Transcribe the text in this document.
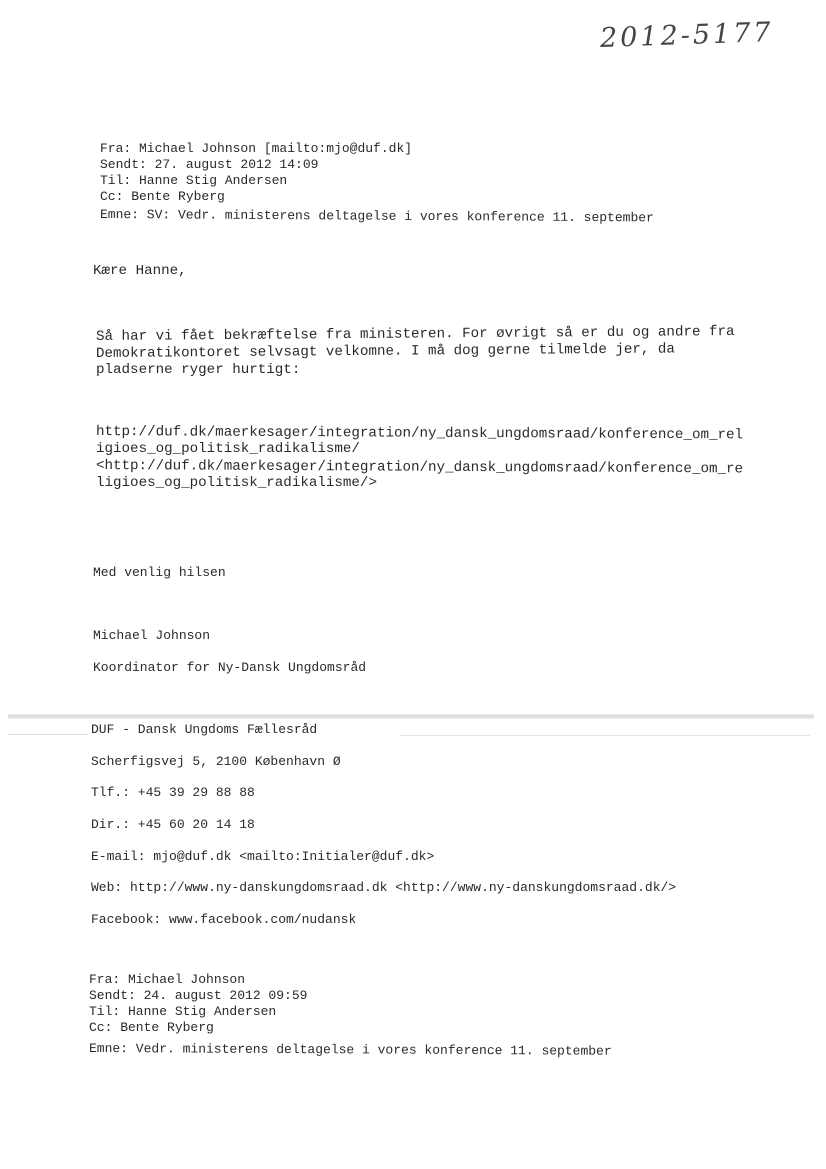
2012-5177
Fra: Michael Johnson [mailto:mjo@duf.dk]
Sendt: 27. august 2012 14:09
Til: Hanne Stig Andersen
Cc: Bente Ryberg
Emne: SV: Vedr. ministerens deltagelse i vores konference 11. september
Kære Hanne,
Så har vi fået bekræftelse fra ministeren. For øvrigt så er du og andre fra
Demokratikontoret selvsagt velkomne. I må dog gerne tilmelde jer, da
pladserne ryger hurtigt:
http://duf.dk/maerkesager/integration/ny_dansk_ungdomsraad/konference_om_rel
igioes_og_politisk_radikalisme/
<http://duf.dk/maerkesager/integration/ny_dansk_ungdomsraad/konference_om_re
ligioes_og_politisk_radikalisme/>
Med venlig hilsen
Michael Johnson
Koordinator for Ny-Dansk Ungdomsråd
DUF - Dansk Ungdoms Fællesråd
Scherfigsvej 5, 2100 København Ø
Tlf.: +45 39 29 88 88
Dir.: +45 60 20 14 18
E-mail: mjo@duf.dk <mailto:Initialer@duf.dk>
Web: http://www.ny-danskungdomsraad.dk <http://www.ny-danskungdomsraad.dk/>
Facebook: www.facebook.com/nudansk
Fra: Michael Johnson
Sendt: 24. august 2012 09:59
Til: Hanne Stig Andersen
Cc: Bente Ryberg
Emne: Vedr. ministerens deltagelse i vores konference 11. september
